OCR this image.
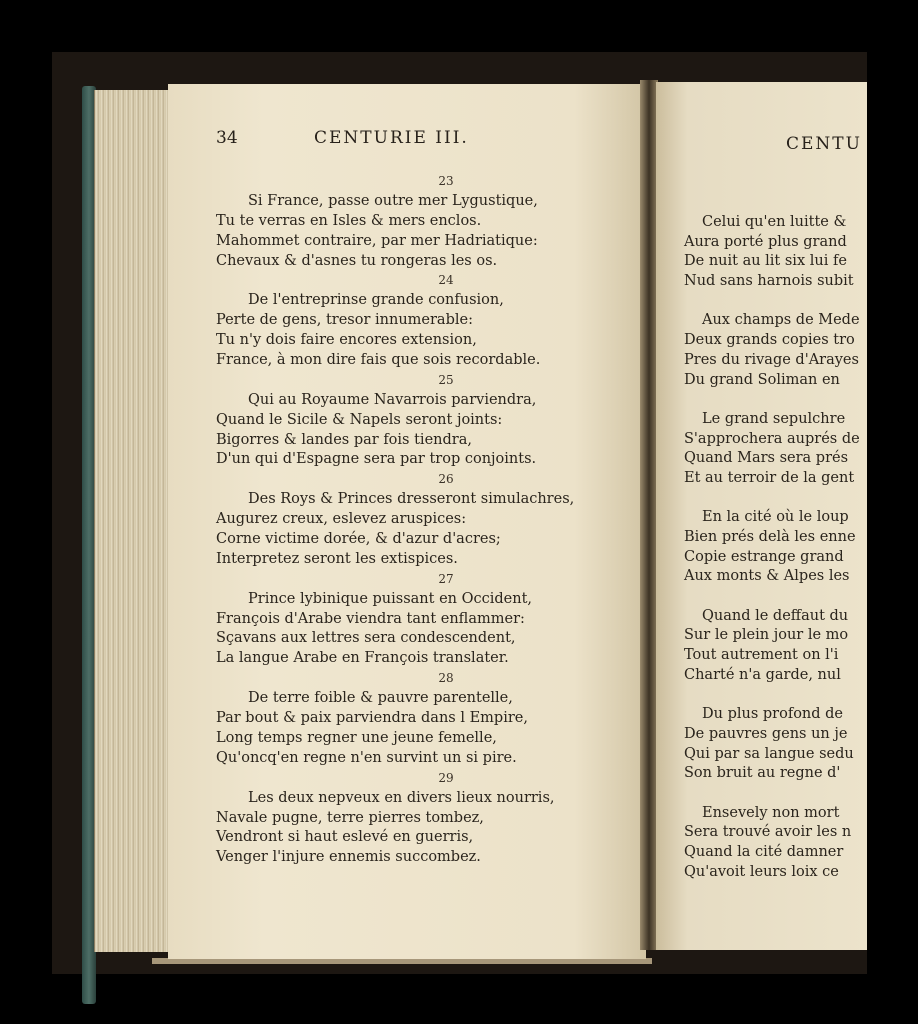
34	CENTURIE III.
23
Si France, passe outre mer Lygustique,
Tu te verras en Isles & mers enclos.
Mahommet contraire, par mer Hadriatique:
Chevaux & d'asnes tu rongeras les os.
24
De l'entreprinse grande confusion,
Perte de gens, tresor innumerable:
Tu n'y dois faire encores extension,
France, à mon dire fais que sois recordable.
25
Qui au Royaume Navarrois parviendra,
Quand le Sicile & Napels seront joints:
Bigorres & landes par fois tiendra,
D'un qui d'Espagne sera par trop conjoints.
26
Des Roys & Princes dresseront simulachres,
Augurez creux, eslevez aruspices:
Corne victime dorée, & d'azur d'acres;
Interpretez seront les extispices.
27
Prince lybinique puissant en Occident,
François d'Arabe viendra tant enflammer:
Sçavans aux lettres sera condescendent,
La langue Arabe en François translater.
28
De terre foible & pauvre parentelle,
Par bout & paix parviendra dans l Empire,
Long temps regner une jeune femelle,
Qu'oncq'en regne n'en survint un si pire.
29
Les deux nepveux en divers lieux nourris,
Navale pugne, terre pierres tombez,
Vendront si haut eslevé en guerris,
Venger l'injure ennemis succombez.
CENTU
Celui qu'en luitte &
Aura porté plus grand
De nuit au lit six lui fe
Nud sans harnois subit
Aux champs de Mede
Deux grands copies tro
Pres du rivage d'Arayes
Du grand Soliman en
Le grand sepulchre
S'approchera auprés de
Quand Mars sera prés
Et au terroir de la gent
En la cité où le loup
Bien prés delà les enne
Copie estrange grand
Aux monts & Alpes les
Quand le deffaut du
Sur le plein jour le mo
Tout autrement on l'i
Charté n'a garde, nul
Du plus profond de
De pauvres gens un je
Qui par sa langue sedu
Son bruit au regne d'
Ensevely non mort
Sera trouvé avoir les n
Quand la cité damner
Qu'avoit leurs loix ce
